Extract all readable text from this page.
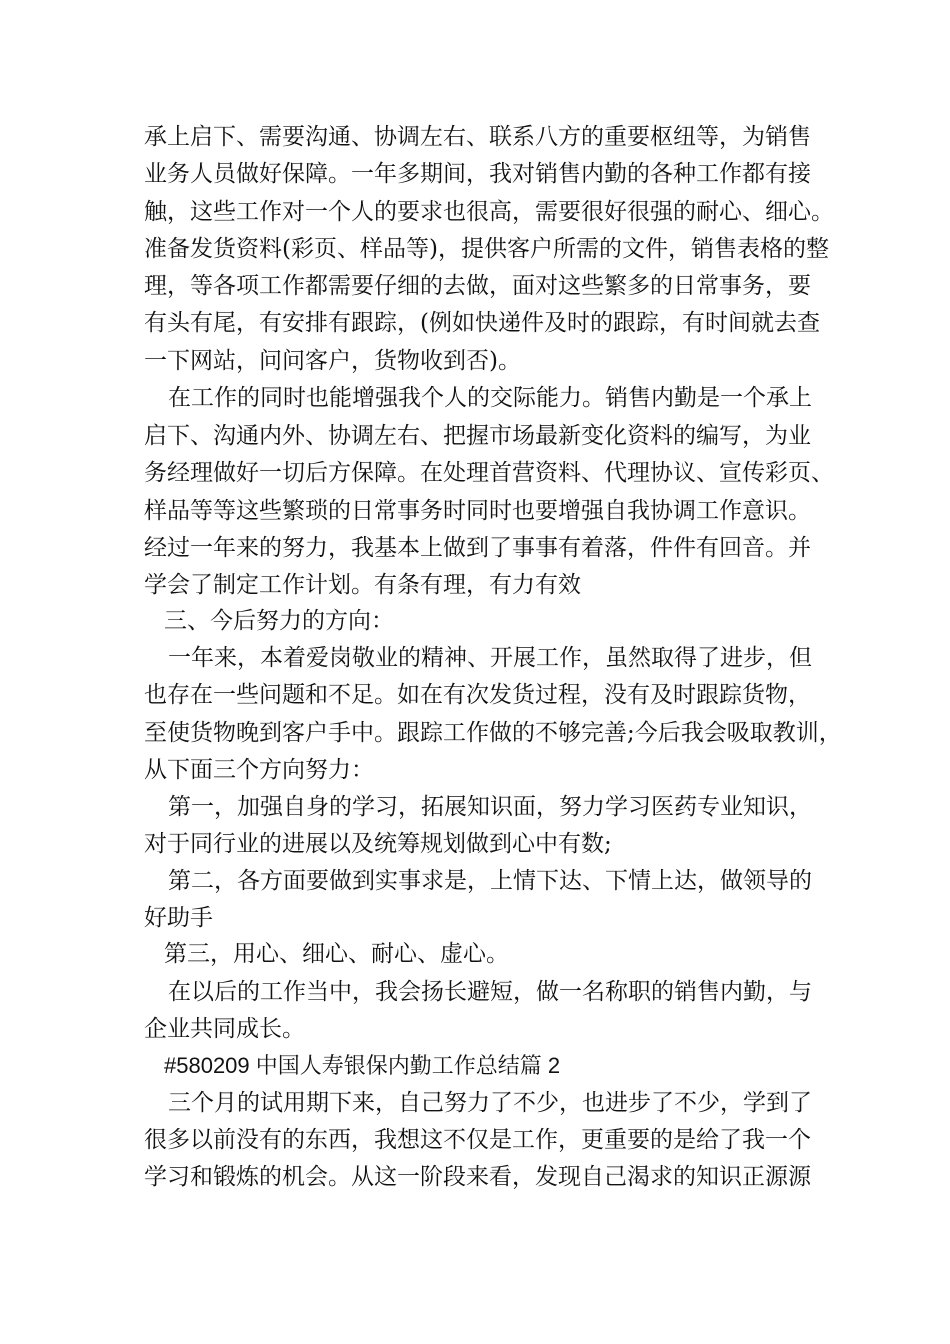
承上启下、需要沟通、协调左右、联系八方的重要枢纽等，为销售
业务人员做好保障。一年多期间，我对销售内勤的各种工作都有接
触，这些工作对一个人的要求也很高，需要很好很强的耐心、细心。
准备发货资料(彩页、样品等)，提供客户所需的文件，销售表格的整
理，等各项工作都需要仔细的去做，面对这些繁多的日常事务，要
有头有尾，有安排有跟踪，(例如快递件及时的跟踪，有时间就去查
一下网站，问问客户，货物收到否)。
在工作的同时也能增强我个人的交际能力。销售内勤是一个承上
启下、沟通内外、协调左右、把握市场最新变化资料的编写，为业
务经理做好一切后方保障。在处理首营资料、代理协议、宣传彩页、
样品等等这些繁琐的日常事务时同时也要增强自我协调工作意识。
经过一年来的努力，我基本上做到了事事有着落，件件有回音。并
学会了制定工作计划。有条有理，有力有效
三、今后努力的方向：
一年来，本着爱岗敬业的精神、开展工作，虽然取得了进步，但
也存在一些问题和不足。如在有次发货过程，没有及时跟踪货物，
至使货物晚到客户手中。跟踪工作做的不够完善;今后我会吸取教训，
从下面三个方向努力：
第一，加强自身的学习，拓展知识面，努力学习医药专业知识，
对于同行业的进展以及统筹规划做到心中有数;
第二，各方面要做到实事求是，上情下达、下情上达，做领导的
好助手
第三，用心、细心、耐心、虚心。
在以后的工作当中，我会扬长避短，做一名称职的销售内勤，与
企业共同成长。
#580209 中国人寿银保内勤工作总结篇 2
三个月的试用期下来，自己努力了不少，也进步了不少，学到了
很多以前没有的东西，我想这不仅是工作，更重要的是给了我一个
学习和锻炼的机会。从这一阶段来看，发现自己渴求的知识正源源
